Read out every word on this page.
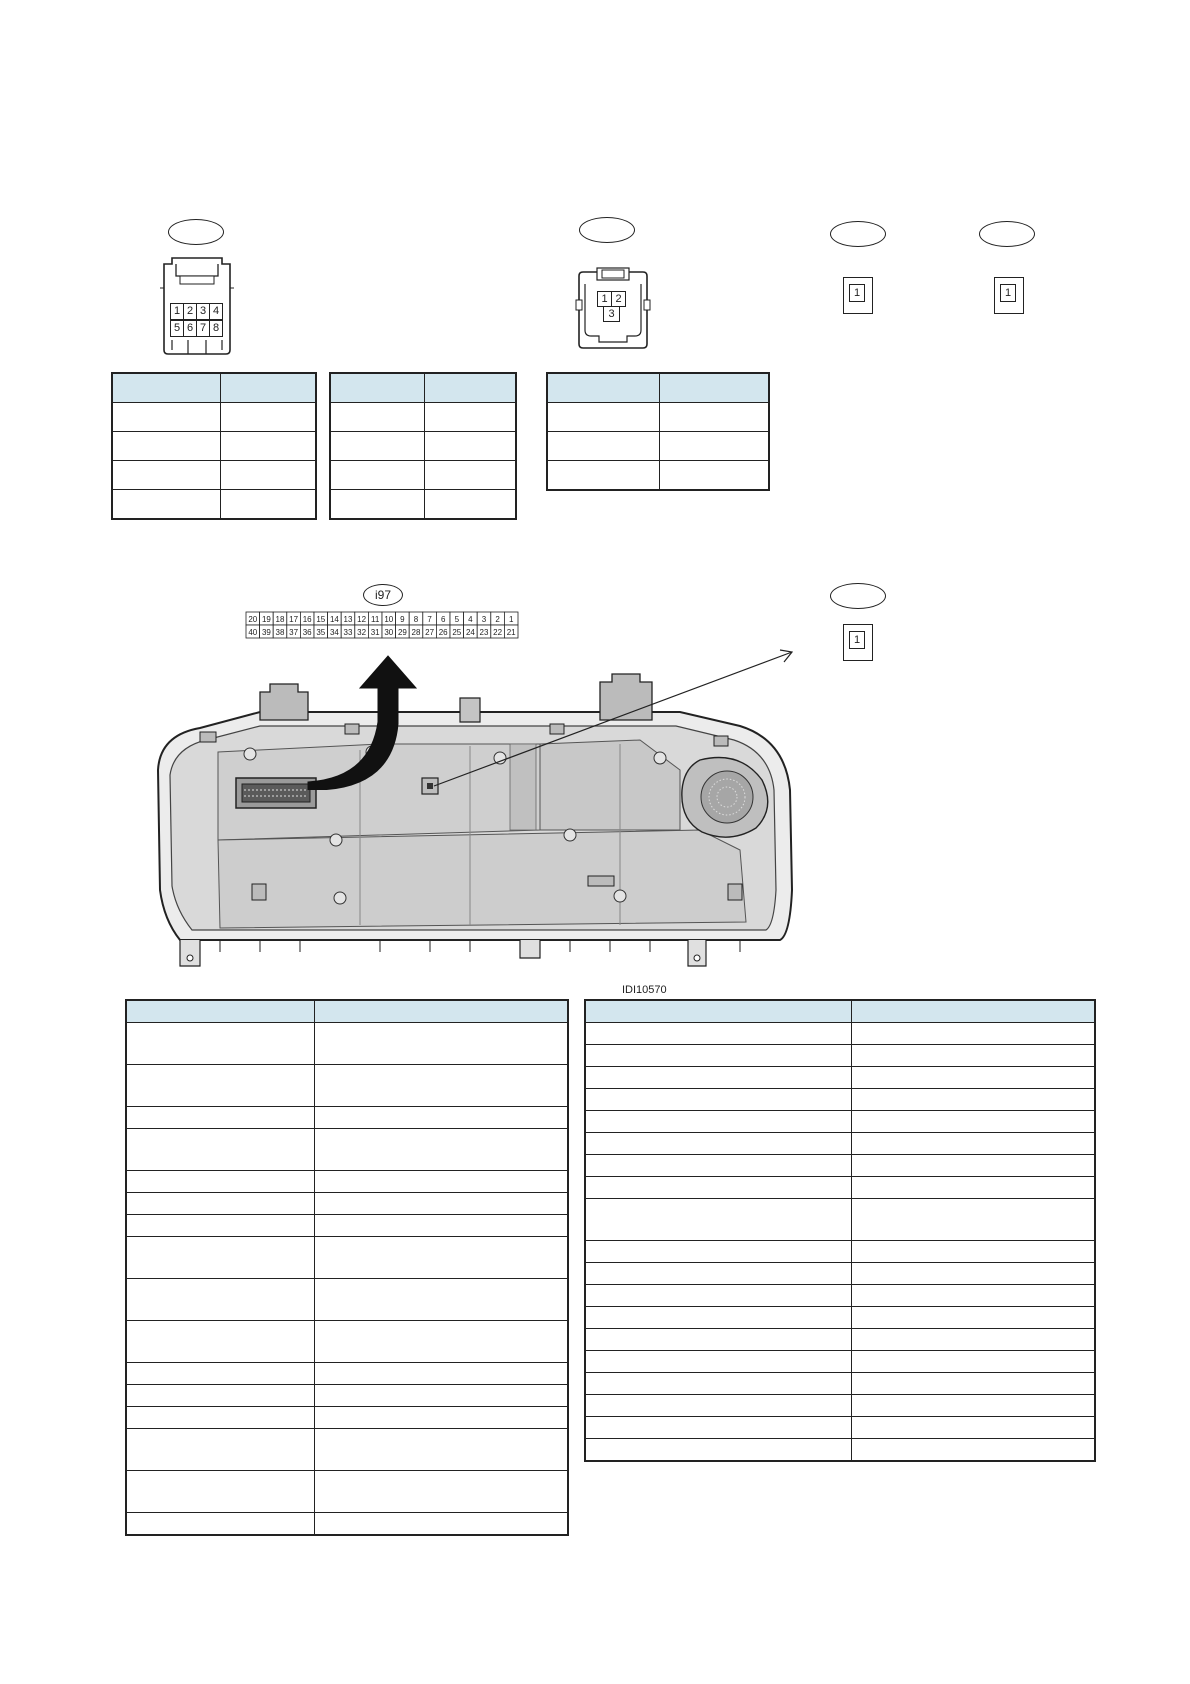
1 2 3 4
5 6 7 8
1 2
3
1	1

i97
20 19 18 17 16 15 14 13 12 11 10 9 8 7 6 5 4 3 2 1
40 39 38 37 36 35 34 33 32 31 30 29 28 27 26 25 24 23 22 21
1
IDI10570
